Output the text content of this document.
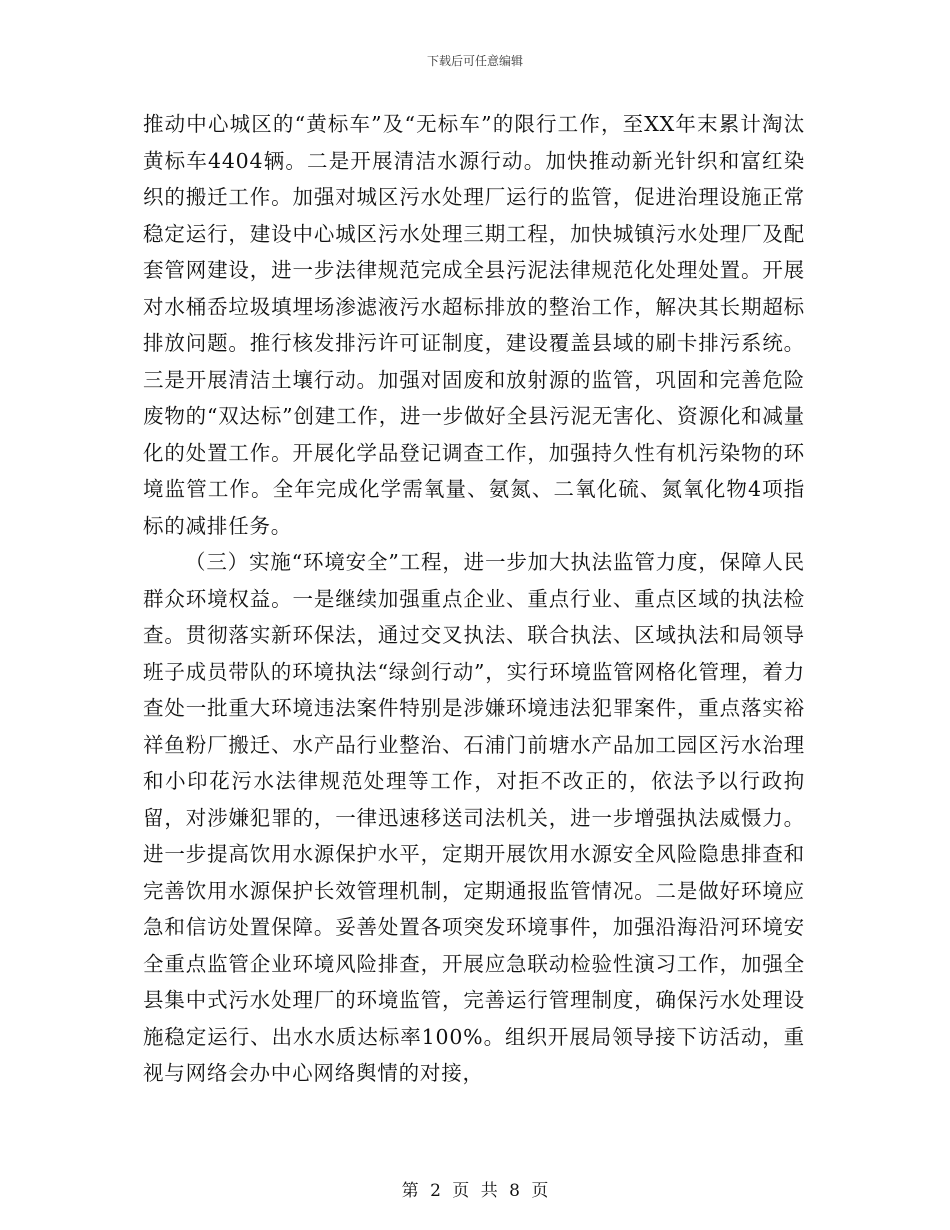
下载后可任意编辑

推动中心城区的“黄标车”及“无标车”的限行工作，至XX年末累计淘汰黄标车4404辆。二是开展清洁水源行动。加快推动新光针织和富红染织的搬迁工作。加强对城区污水处理厂运行的监管，促进治理设施正常稳定运行，建设中心城区污水处理三期工程，加快城镇污水处理厂及配套管网建设，进一步法律规范完成全县污泥法律规范化处理处置。开展对水桶岙垃圾填埋场渗滤液污水超标排放的整治工作，解决其长期超标排放问题。推行核发排污许可证制度，建设覆盖县域的刷卡排污系统。三是开展清洁土壤行动。加强对固废和放射源的监管，巩固和完善危险废物的“双达标”创建工作，进一步做好全县污泥无害化、资源化和减量化的处置工作。开展化学品登记调查工作，加强持久性有机污染物的环境监管工作。全年完成化学需氧量、氨氮、二氧化硫、氮氧化物4项指标的减排任务。

（三）实施“环境安全”工程，进一步加大执法监管力度，保障人民群众环境权益。一是继续加强重点企业、重点行业、重点区域的执法检查。贯彻落实新环保法，通过交叉执法、联合执法、区域执法和局领导班子成员带队的环境执法“绿剑行动”，实行环境监管网格化管理，着力查处一批重大环境违法案件特别是涉嫌环境违法犯罪案件，重点落实裕祥鱼粉厂搬迁、水产品行业整治、石浦门前塘水产品加工园区污水治理和小印花污水法律规范处理等工作，对拒不改正的，依法予以行政拘留，对涉嫌犯罪的，一律迅速移送司法机关，进一步增强执法威慑力。进一步提高饮用水源保护水平，定期开展饮用水源安全风险隐患排查和完善饮用水源保护长效管理机制，定期通报监管情况。二是做好环境应急和信访处置保障。妥善处置各项突发环境事件，加强沿海沿河环境安全重点监管企业环境风险排查，开展应急联动检验性演习工作，加强全县集中式污水处理厂的环境监管，完善运行管理制度，确保污水处理设施稳定运行、出水水质达标率100%。组织开展局领导接下访活动，重视与网络会办中心网络舆情的对接，

第 2 页 共 8 页
